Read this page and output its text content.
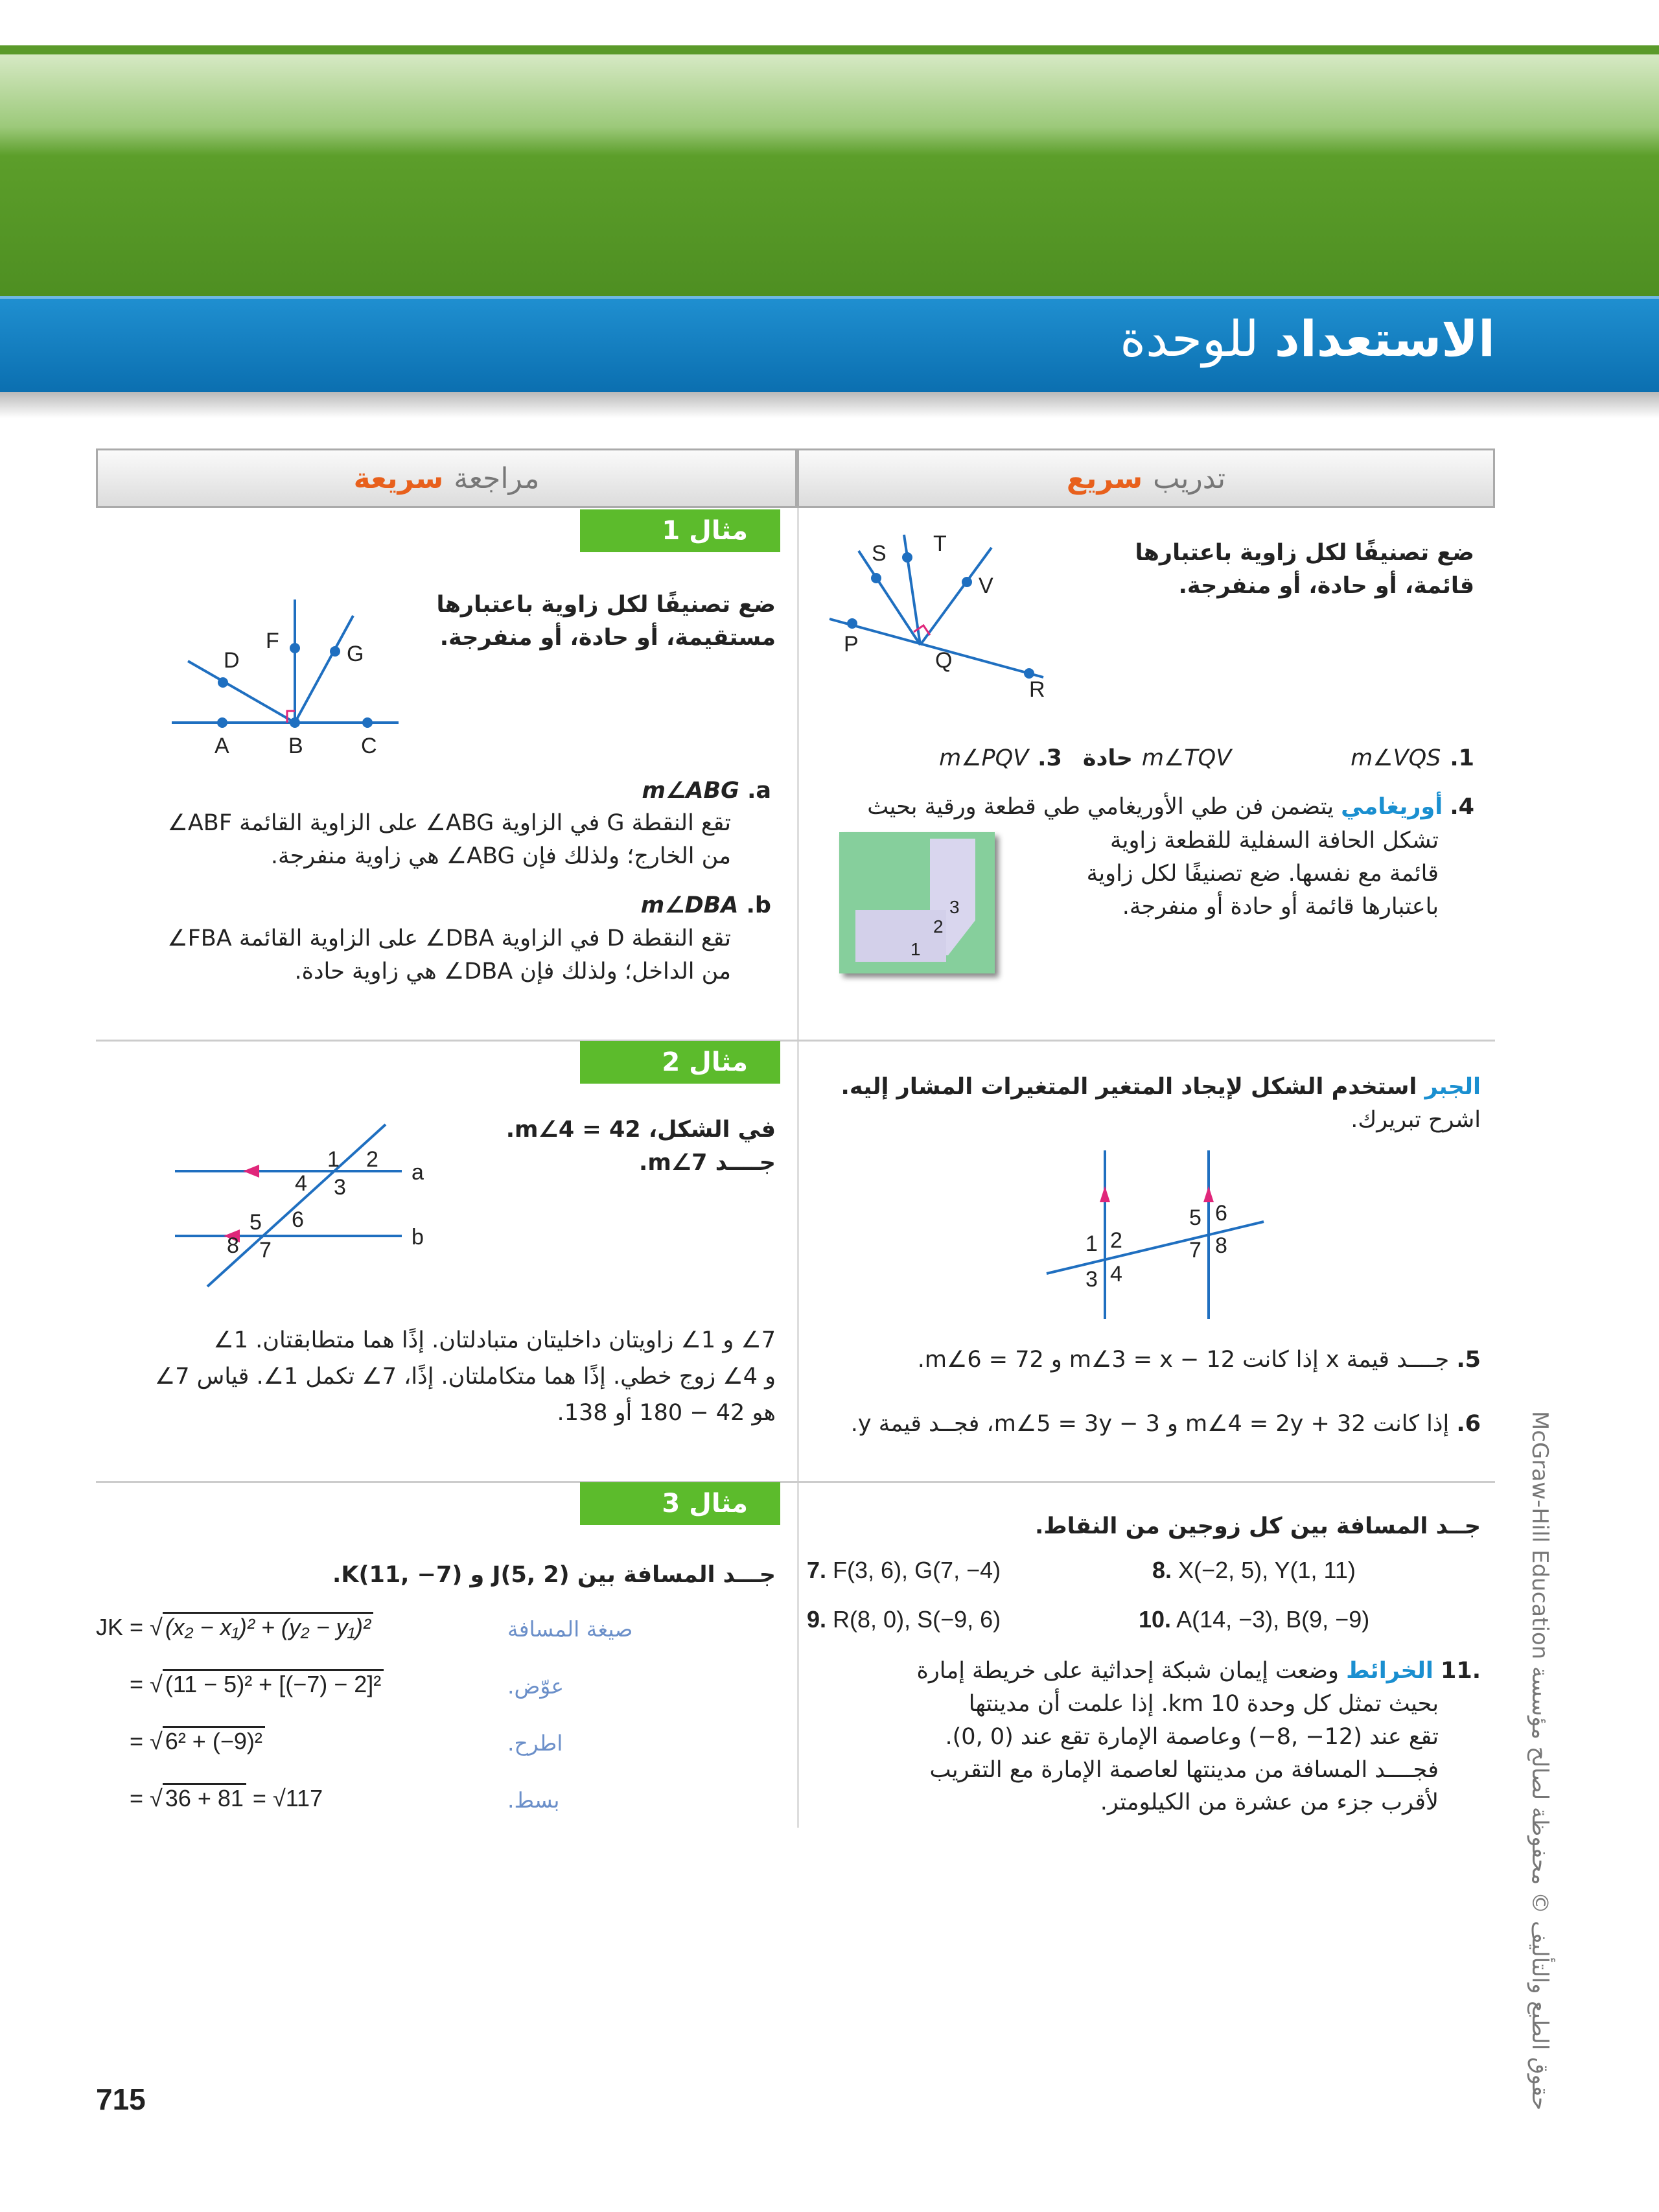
الاستعداد للوحدة
تدريب
سريع
مراجعة
سريعة
ضع تصنيفًا لكل زاوية باعتبارها
قائمة، أو حادة، أو منفرجة.
S T
V
P
Q
R
m∠PQV .3 حادة m∠TQV	m∠VQS .1
4. أوريغامي يتضمن فن طي الأوريغامي طي قطعة ورقية بحيث
تشكل الحافة السفلية للقطعة زاوية
قائمة مع نفسها. ضع تصنيفًا لكل زاوية
باعتبارها قائمة أو حادة أو منفرجة.
1
2
3
مثال 1
ضع تصنيفًا لكل زاوية باعتبارها
مستقيمة، أو حادة، أو منفرجة.
A	B	C
D
F
G
m∠ABG .a
تقع النقطة G في الزاوية ABG∠ على الزاوية القائمة ABF∠
من الخارج؛ ولذلك فإن ABG∠ هي زاوية منفرجة.
m∠DBA .b
تقع النقطة D في الزاوية DBA∠ على الزاوية القائمة FBA∠
من الداخل؛ ولذلك فإن DBA∠ هي زاوية حادة.
الجبر استخدم الشكل لإيجاد المتغير المتغيرات المشار إليه.
اشرح تبريرك.
1 2
3 4
5 6
7 8
5. جــــد قيمة x إذا كانت m∠3 = x − 12 و m∠6 = 72.
6. إذا كانت m∠4 = 2y + 32 و m∠5 = 3y − 3، فجــد قيمة y.
مثال 2
في الشكل، m∠4 = 42.
جــــد m∠7.
1 2
4 3
5 6
8 7
a
b
7∠ و 1∠ زاويتان داخليتان متبادلتان. إذًا هما متطابقتان. 1∠
و 4∠ زوج خطي. إذًا هما متكاملتان. إذًا، 7∠ تكمل 1∠. قياس 7∠
هو 42 − 180 أو 138.
جــد المسافة بين كل زوجين من النقاط.
7. F(3, 6), G(7, −4)	8. X(−2, 5), Y(1, 11)
9. R(8, 0), S(−9, 6)	10. A(14, −3), B(9, −9)
.11 الخرائط وضعت إيمان شبكة إحداثية على خريطة إمارة
بحيث تمثل كل وحدة 10 km. إذا علمت أن مدينتها
تقع عند (12− ,8−) وعاصمة الإمارة تقع عند (0 ,0).
فجــــد المسافة من مدينتها لعاصمة الإمارة مع التقريب
لأقرب جزء من عشرة من الكيلومتر.
مثال 3
جـــد المسافة بين J(5, 2) و K(11, −7).
JK = √ (x₂ − x₁)² + (y₂ − y₁)²	صيغة المسافة
= √ (11 − 5)² + [(−7) − 2]²	عوّض.
= √ 6² + (−9)²	اطرح.
= √ 36 + 81 = √117	بسط.
McGraw-Hill Education حقوق الطبع والتأليف © محفوظة لصالح مؤسسة
715
